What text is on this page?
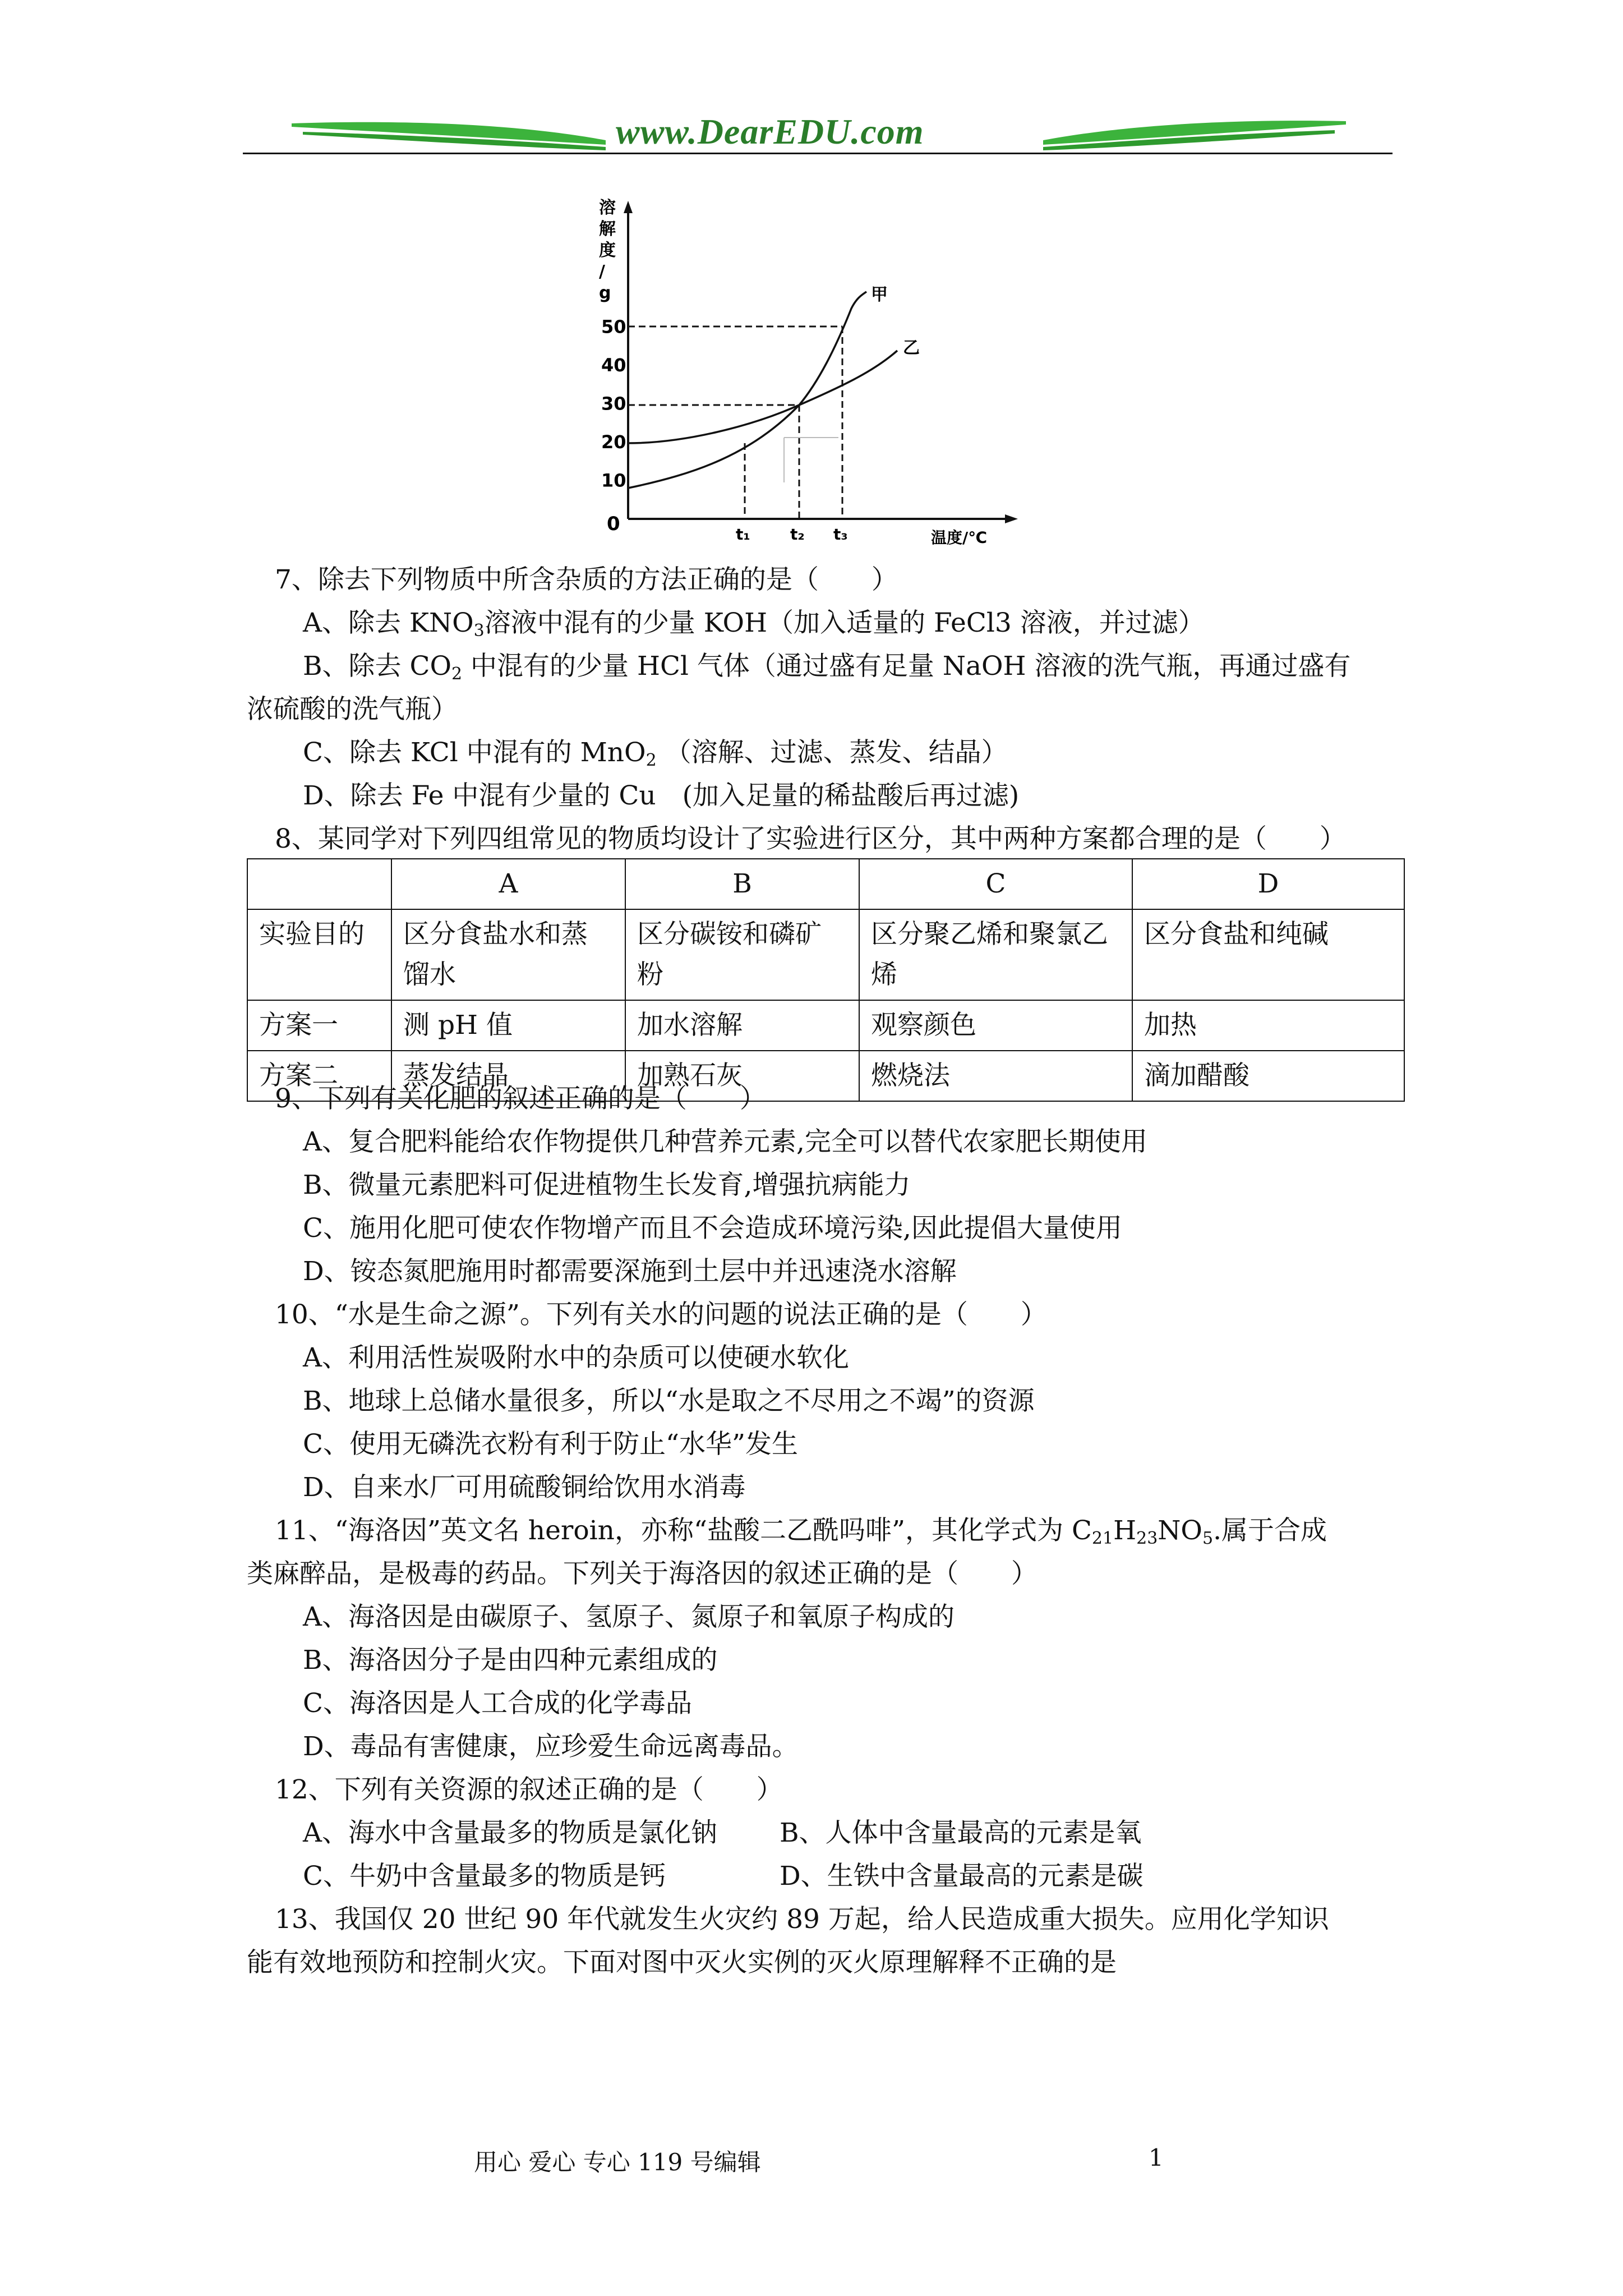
www.DearEDU.com
溶 解 度 / g
10
20
30
40
50
t₁	t₂ t₃
0
温度/℃
甲
乙
7、除去下列物质中所含杂质的方法正确的是（　　）
A、除去 $KNO_3$溶液中混有的少量 KOH（加入适量的 FeCl3 溶液，并过滤）
B、除去 $CO_2$ 中混有的少量 HCl 气体（通过盛有足量 NaOH 溶液的洗气瓶，再通过盛有
浓硫酸的洗气瓶）
C、除去 KCl 中混有的 MnO$_2$ （溶解、过滤、蒸发、结晶）
D、除去 Fe 中混有少量的 Cu　(加入足量的稀盐酸后再过滤)
8、某同学对下列四组常见的物质均设计了实验进行区分，其中两种方案都合理的是（　　）
	A	B	C	D
实验目的	区分食盐水和蒸馏水	区分碳铵和磷矿粉	区分聚乙烯和聚氯乙烯	区分食盐和纯碱
方案一	测 pH 值	加水溶解	观察颜色	加热
方案二	蒸发结晶	加熟石灰	燃烧法	滴加醋酸
9、下列有关化肥的叙述正确的是（　　）
A、复合肥料能给农作物提供几种营养元素,完全可以替代农家肥长期使用
B、微量元素肥料可促进植物生长发育,增强抗病能力
C、施用化肥可使农作物增产而且不会造成环境污染,因此提倡大量使用
D、铵态氮肥施用时都需要深施到土层中并迅速浇水溶解
10、“水是生命之源”。下列有关水的问题的说法正确的是（　　）
A、利用活性炭吸附水中的杂质可以使硬水软化
B、地球上总储水量很多，所以“水是取之不尽用之不竭”的资源
C、使用无磷洗衣粉有利于防止“水华”发生
D、自来水厂可用硫酸铜给饮用水消毒
11、“海洛因”英文名 heroin，亦称“盐酸二乙酰吗啡”，其化学式为 $C_{21}H_{23}NO_5$.属于合成
类麻醉品，是极毒的药品。下列关于海洛因的叙述正确的是（　　）
A、海洛因是由碳原子、氢原子、氮原子和氧原子构成的
B、海洛因分子是由四种元素组成的
C、海洛因是人工合成的化学毒品
D、毒品有害健康，应珍爱生命远离毒品。
12、下列有关资源的叙述正确的是（　　）
A、海水中含量最多的物质是氯化钠 B、人体中含量最高的元素是氧
C、牛奶中含量最多的物质是钙	D、生铁中含量最高的元素是碳
13、我国仅 20 世纪 90 年代就发生火灾约 89 万起，给人民造成重大损失。应用化学知识
能有效地预防和控制火灾。下面对图中灭火实例的灭火原理解释不正确的是
用心 爱心 专心 119 号编辑	1
